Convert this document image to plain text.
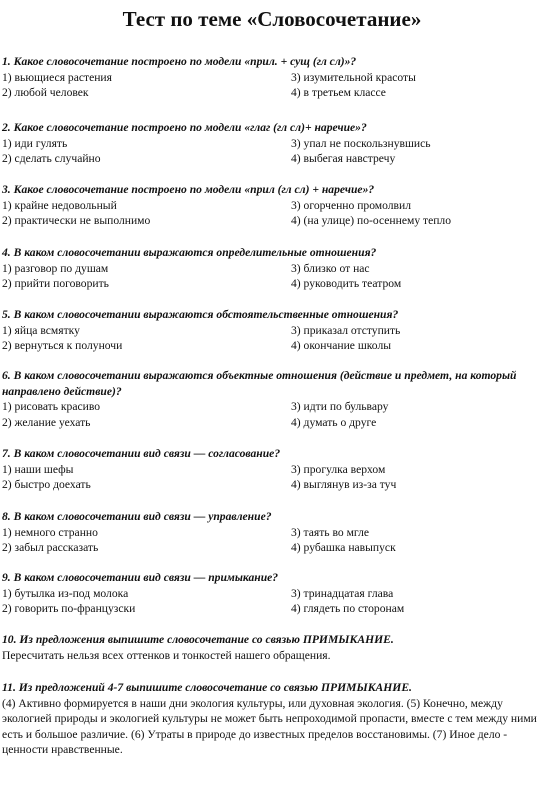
Тест по теме «Словосочетание»
1. Какое словосочетание построено по модели «прил. + сущ (гл сл)»?
1) вьющиеся растения	3) изумительной красоты
2) любой человек	4) в третьем классе
2. Какое словосочетание построено по модели «глаг (гл сл)+ наречие»?
1) иди гулять	3) упал не поскользнувшись
2) сделать случайно	4) выбегая навстречу
3. Какое словосочетание построено по модели «прил (гл сл) + наречие»?
1) крайне недовольный	3) огорченно промолвил
2) практически не выполнимо	4) (на улице) по-осеннему тепло
4. В каком словосочетании выражаются определительные отношения?
1) разговор по душам	3) близко от нас
2) прийти поговорить	4) руководить театром
5. В каком словосочетании выражаются обстоятельственные отношения?
1) яйца всмятку	3) приказал отступить
2) вернуться к полуночи	4) окончание школы
6. В каком словосочетании выражаются объектные отношения (действие и предмет, на который направлено действие)?
1) рисовать красиво	3) идти по бульвару
2) желание уехать	4) думать о друге
7. В каком словосочетании вид связи — согласование?
1) наши шефы	3) прогулка верхом
2) быстро доехать	4) выглянув из-за туч
8. В каком словосочетании вид связи — управление?
1) немного странно	3) таять во мгле
2) забыл рассказать	4) рубашка навыпуск
9. В каком словосочетании вид связи — примыкание?
1) бутылка из-под молока	3) тринадцатая глава
2) говорить по-французски	4) глядеть по сторонам
10. Из предложения выпишите словосочетание со связью ПРИМЫКАНИЕ.
Пересчитать нельзя всех оттенков и тонкостей нашего обращения.
11. Из предложений 4-7 выпишите словосочетание со связью ПРИМЫКАНИЕ.
(4) Активно формируется в наши дни экология культуры, или духовная экология. (5) Конечно, между экологией природы и экологией культуры не может быть непроходимой пропасти, вместе с тем между ними есть и большое различие. (6) Утраты в природе до известных пределов восстановимы. (7) Иное дело - ценности нравственные.
